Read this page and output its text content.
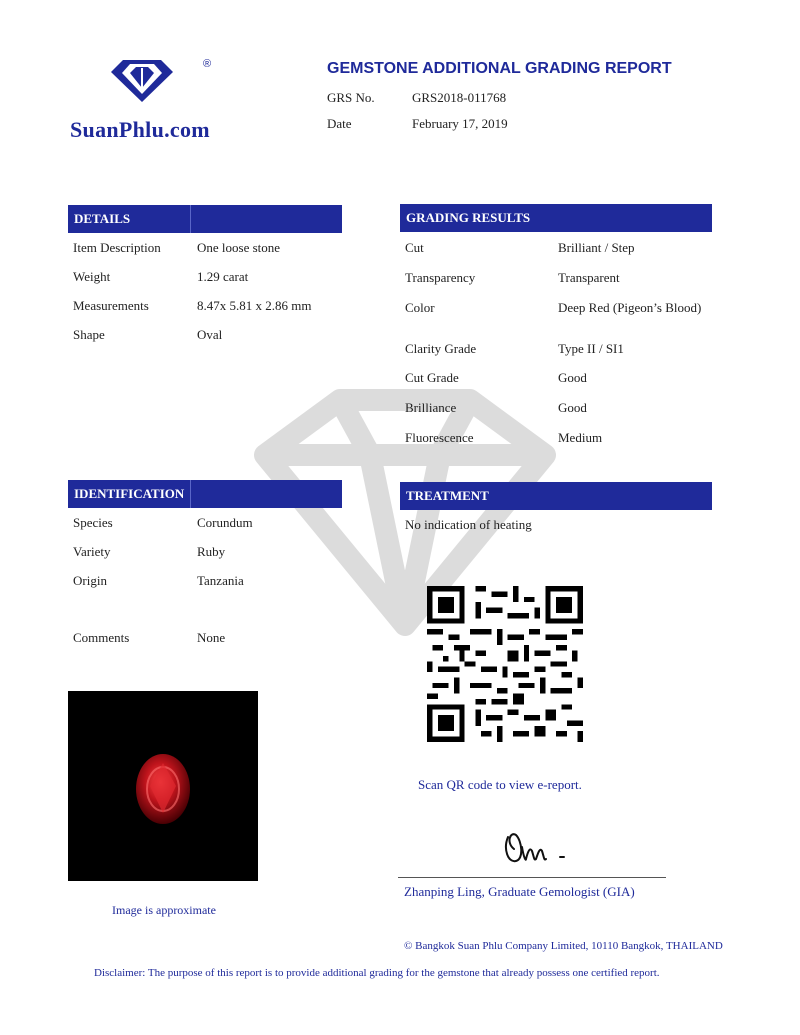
®
SuanPhlu.com
GEMSTONE ADDITIONAL GRADING REPORT
GRS No.	GRS2018-011768
Date	February 17, 2019
DETAILS
Item Description	One loose stone
Weight	1.29 carat
Measurements	8.47x 5.81 x 2.86 mm
Shape	Oval
GRADING RESULTS
Cut	Brilliant / Step
Transparency	Transparent
Color	Deep Red (Pigeon’s Blood)
Clarity Grade	Type II / SI1
Cut Grade	Good
Brilliance	Good
Fluorescence	Medium
IDENTIFICATION
Species	Corundum
Variety	Ruby
Origin	Tanzania
Comments	None
TREATMENT
No indication of heating
Image is approximate
Scan QR code to view e-report.
Zhanping Ling, Graduate Gemologist (GIA)
© Bangkok Suan Phlu Company Limited, 10110 Bangkok, THAILAND
Disclaimer: The purpose of this report is to provide additional grading for the gemstone that already possess one certified report.
